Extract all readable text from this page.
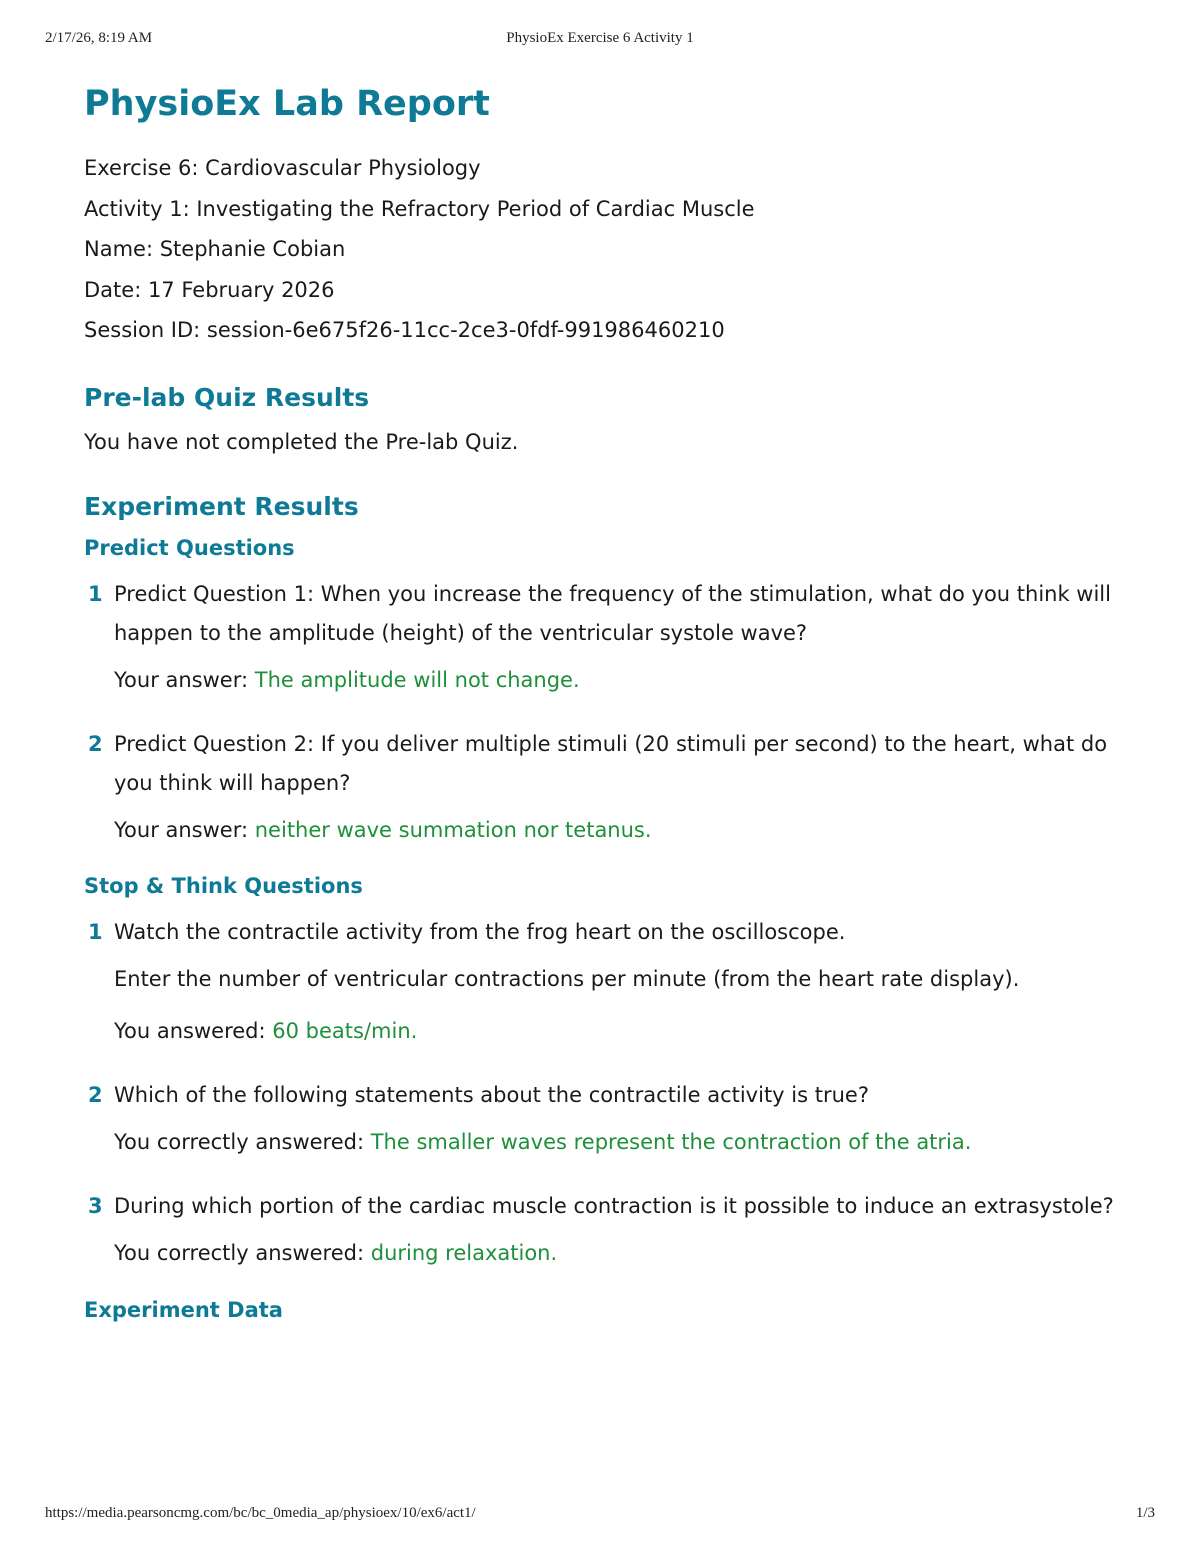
2/17/26, 8:19 AM	PhysioEx Exercise 6 Activity 1
PhysioEx Lab Report
Exercise 6: Cardiovascular Physiology
Activity 1: Investigating the Refractory Period of Cardiac Muscle
Name: Stephanie Cobian
Date: 17 February 2026
Session ID: session-6e675f26-11cc-2ce3-0fdf-991986460210
Pre-lab Quiz Results
You have not completed the Pre-lab Quiz.
Experiment Results
Predict Questions
1 Predict Question 1: When you increase the frequency of the stimulation, what do you think will happen to the amplitude (height) of the ventricular systole wave?
Your answer: The amplitude will not change.
2 Predict Question 2: If you deliver multiple stimuli (20 stimuli per second) to the heart, what do you think will happen?
Your answer: neither wave summation nor tetanus.
Stop & Think Questions
1 Watch the contractile activity from the frog heart on the oscilloscope.
Enter the number of ventricular contractions per minute (from the heart rate display).
You answered: 60 beats/min.
2 Which of the following statements about the contractile activity is true?
You correctly answered: The smaller waves represent the contraction of the atria.
3 During which portion of the cardiac muscle contraction is it possible to induce an extrasystole?
You correctly answered: during relaxation.
Experiment Data
https://media.pearsoncmg.com/bc/bc_0media_ap/physioex/10/ex6/act1/	1/3
